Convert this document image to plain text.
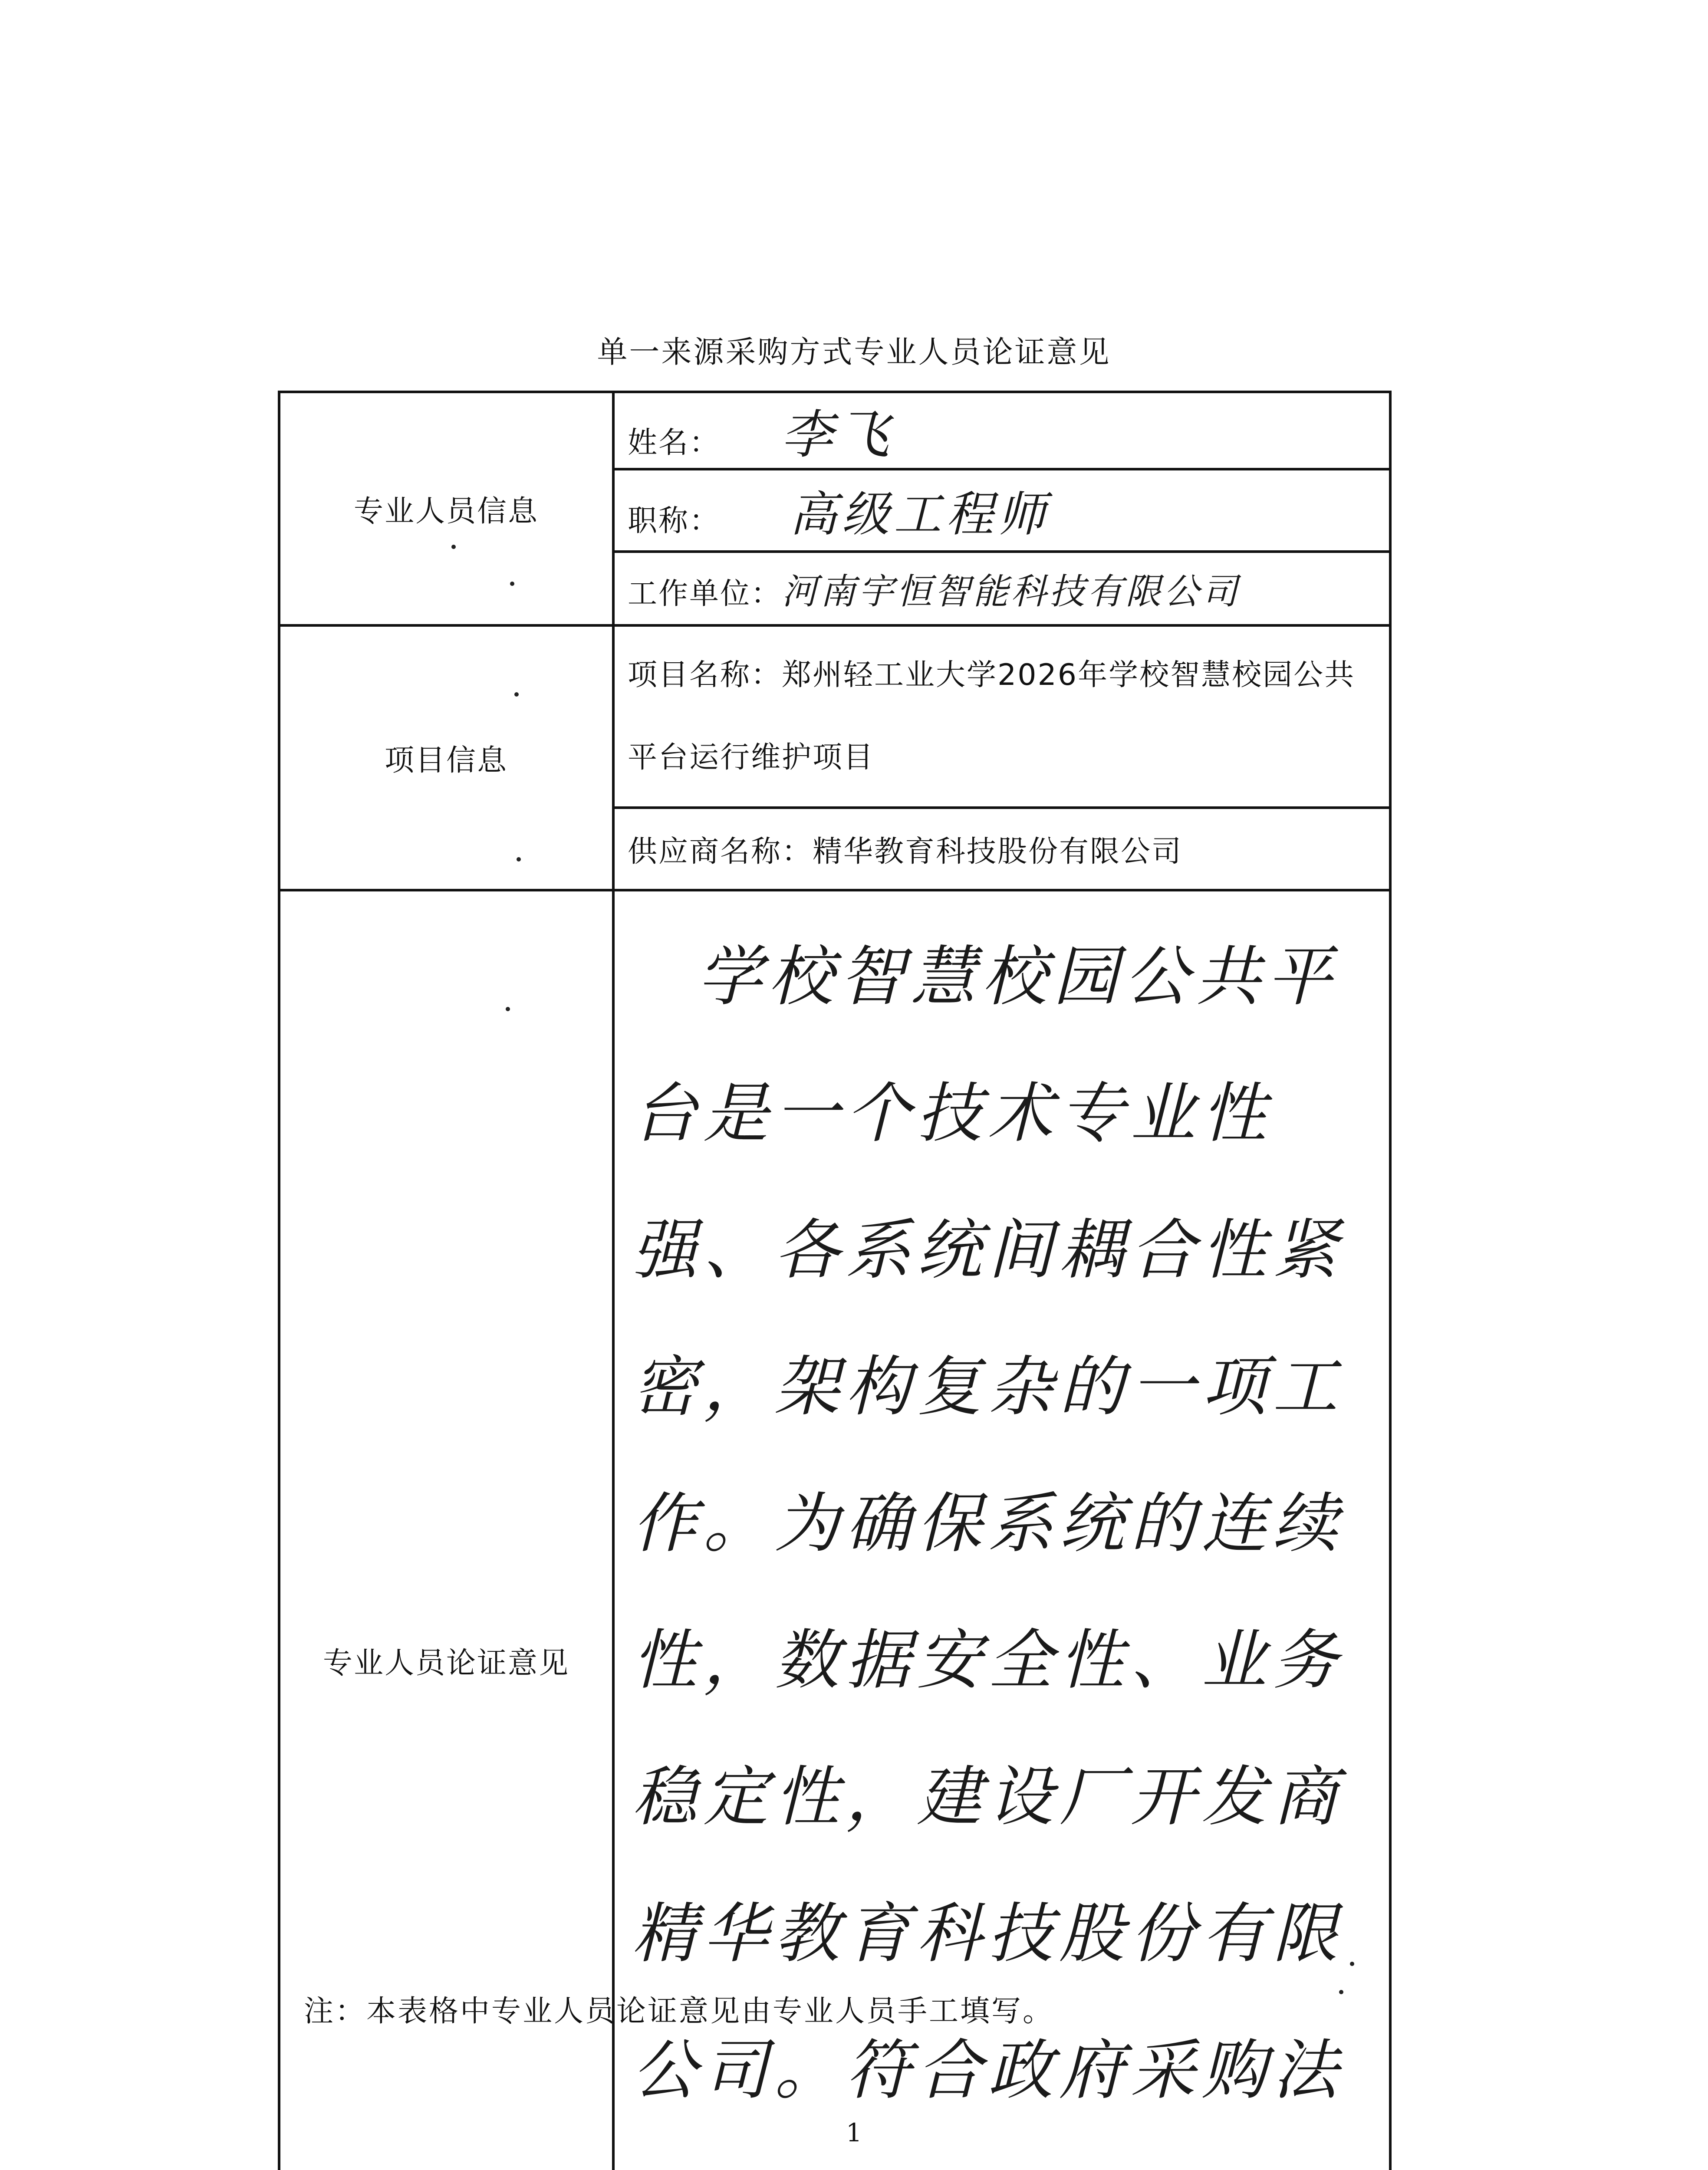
单一来源采购方式专业人员论证意见
专业人员信息	姓名： 李飞	
	职称： 高级工程师	
	工作单位：河南宇恒智能科技有限公司	
项目信息	项目名称：郑州轻工业大学2026年学校智慧校园公共平台运行维护项目	
	供应商名称：精华教育科技股份有限公司	
专业人员论证意见	学校智慧校园公共平台是一个技术专业性强、各系统间耦合性紧密，架构复杂的一项工作。为确保系统的连续性，数据安全性、业务稳定性，建设厂开发商精华教育科技股份有限公司。符合政府采购法	

注：本表格中专业人员论证意见由专业人员手工填写。
1
